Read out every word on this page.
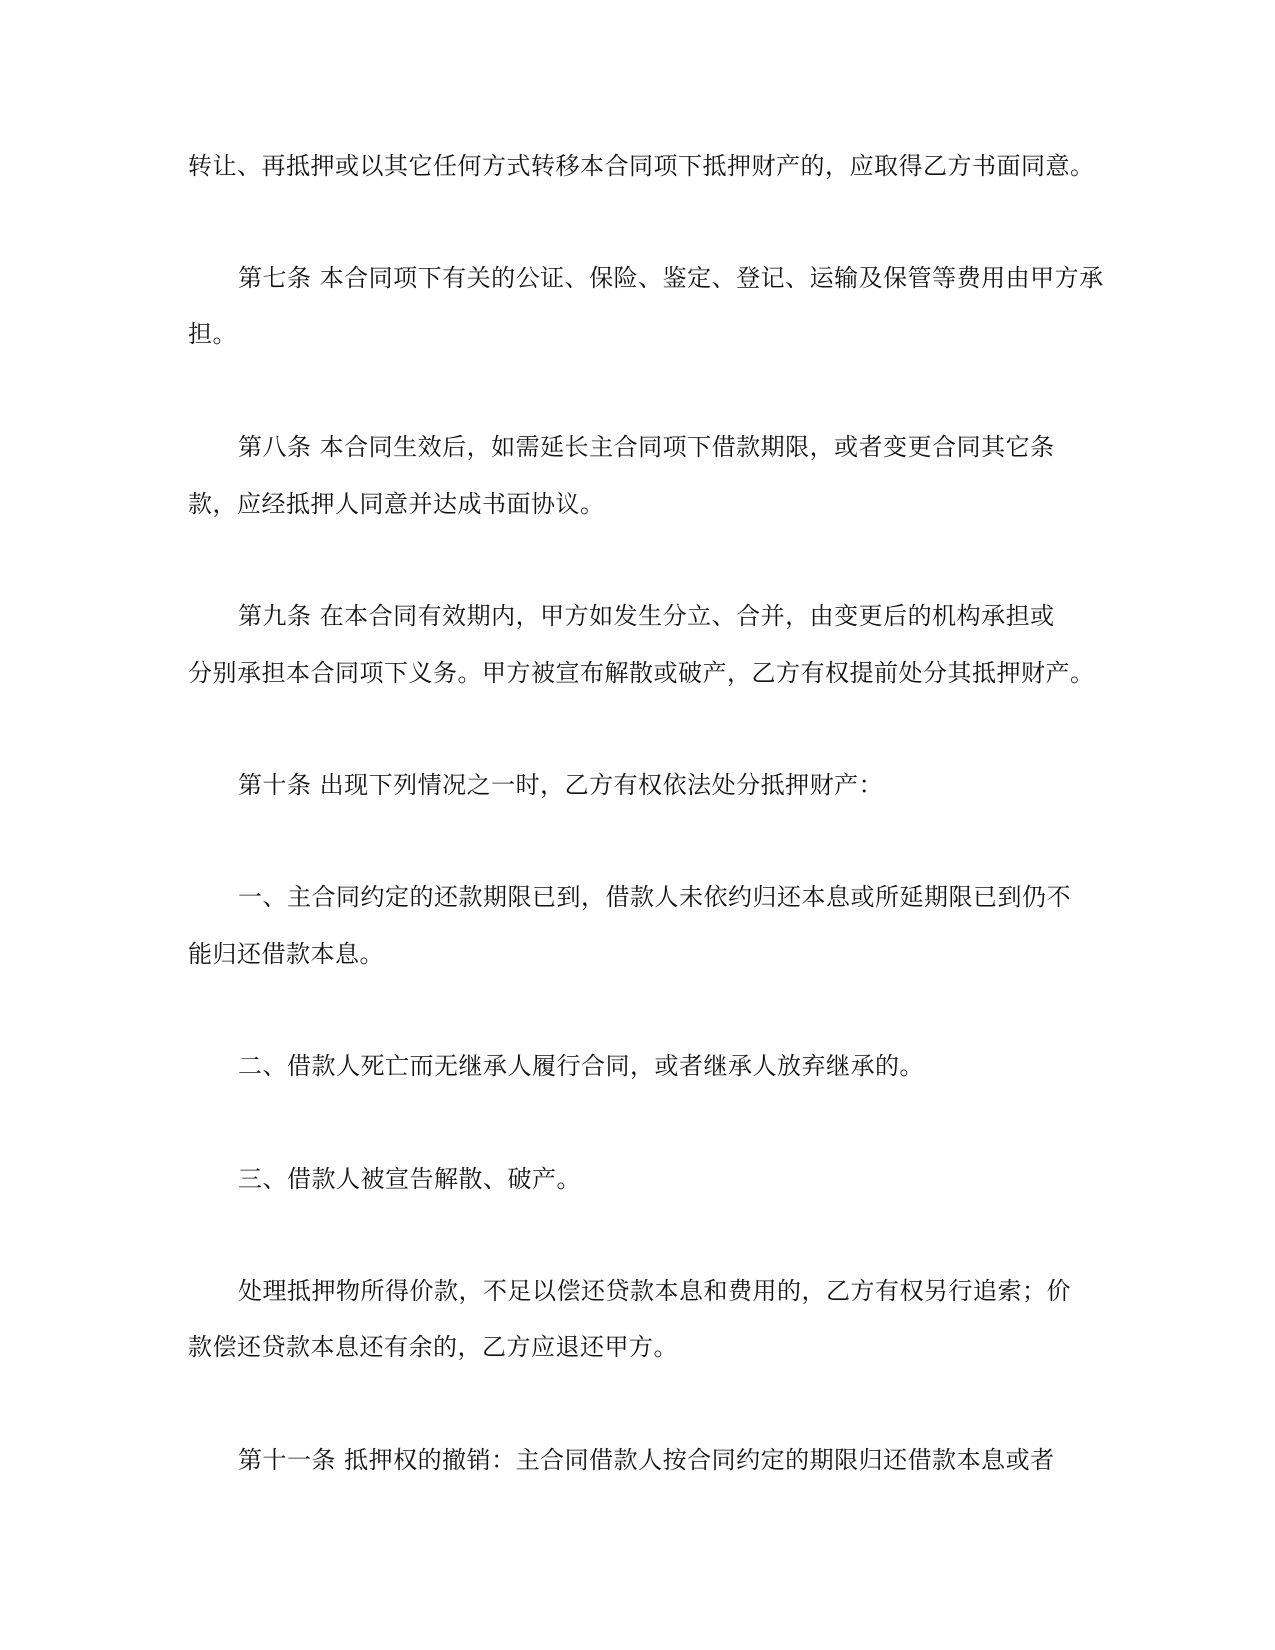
转让、再抵押或以其它任何方式转移本合同项下抵押财产的，应取得乙方书面同意。
第七条 本合同项下有关的公证、保险、鉴定、登记、运输及保管等费用由甲方承
担。
第八条 本合同生效后，如需延长主合同项下借款期限，或者变更合同其它条
款，应经抵押人同意并达成书面协议。
第九条 在本合同有效期内，甲方如发生分立、合并，由变更后的机构承担或
分别承担本合同项下义务。甲方被宣布解散或破产，乙方有权提前处分其抵押财产。
第十条 出现下列情况之一时，乙方有权依法处分抵押财产：
一、主合同约定的还款期限已到，借款人未依约归还本息或所延期限已到仍不
能归还借款本息。
二、借款人死亡而无继承人履行合同，或者继承人放弃继承的。
三、借款人被宣告解散、破产。
处理抵押物所得价款，不足以偿还贷款本息和费用的，乙方有权另行追索；价
款偿还贷款本息还有余的，乙方应退还甲方。
第十一条 抵押权的撤销：主合同借款人按合同约定的期限归还借款本息或者
